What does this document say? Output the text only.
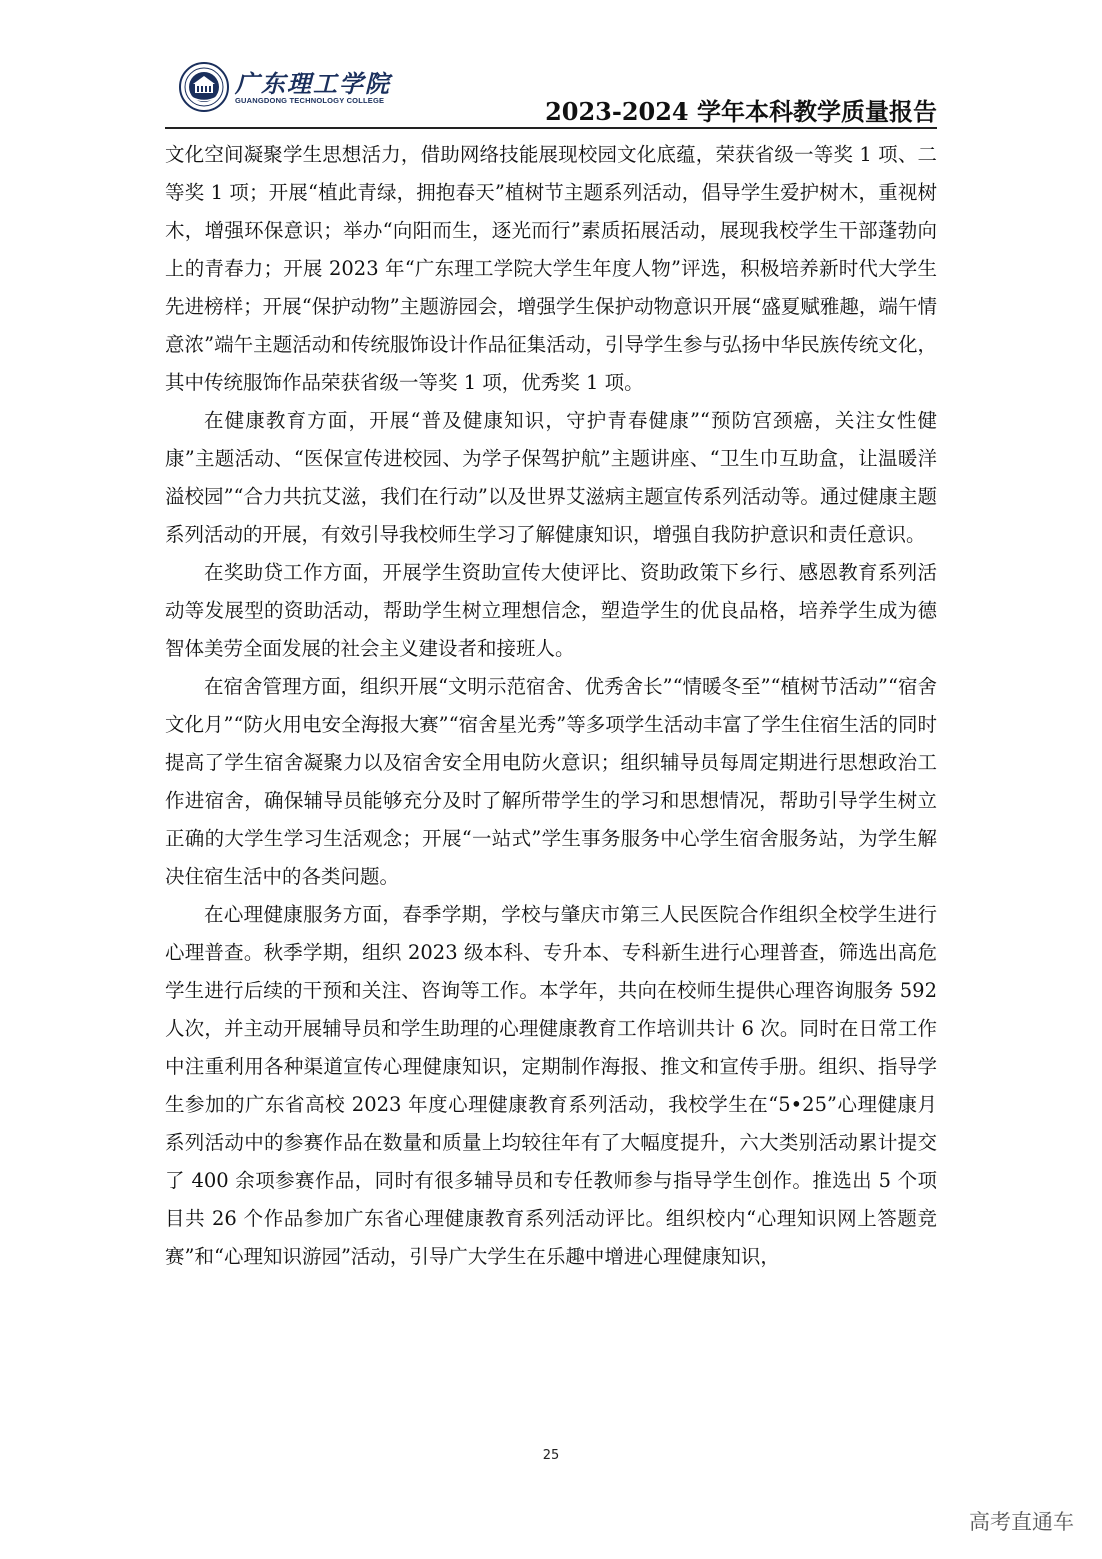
广东理工学院
GUANGDONG TECHNOLOGY COLLEGE	2023-2024 学年本科教学质量报告

文化空间凝聚学生思想活力，借助网络技能展现校园文化底蕴，荣获省级一等奖 1 项、二等奖 1 项；开展“植此青绿，拥抱春天”植树节主题系列活动，倡导学生爱护树木，重视树木，增强环保意识；举办“向阳而生，逐光而行”素质拓展活动，展现我校学生干部蓬勃向上的青春力；开展 2023 年“广东理工学院大学生年度人物”评选，积极培养新时代大学生先进榜样；开展“保护动物”主题游园会，增强学生保护动物意识开展“盛夏赋雅趣，端午情意浓”端午主题活动和传统服饰设计作品征集活动，引导学生参与弘扬中华民族传统文化，其中传统服饰作品荣获省级一等奖 1 项，优秀奖 1 项。

在健康教育方面，开展“普及健康知识，守护青春健康”“预防宫颈癌，关注女性健康”主题活动、“医保宣传进校园、为学子保驾护航”主题讲座、“卫生巾互助盒，让温暖洋溢校园”“合力共抗艾滋，我们在行动”以及世界艾滋病主题宣传系列活动等。通过健康主题系列活动的开展，有效引导我校师生学习了解健康知识，增强自我防护意识和责任意识。

在奖助贷工作方面，开展学生资助宣传大使评比、资助政策下乡行、感恩教育系列活动等发展型的资助活动，帮助学生树立理想信念，塑造学生的优良品格，培养学生成为德智体美劳全面发展的社会主义建设者和接班人。

在宿舍管理方面，组织开展“文明示范宿舍、优秀舍长”“情暖冬至”“植树节活动”“宿舍文化月”“防火用电安全海报大赛”“宿舍星光秀”等多项学生活动丰富了学生住宿生活的同时提高了学生宿舍凝聚力以及宿舍安全用电防火意识；组织辅导员每周定期进行思想政治工作进宿舍，确保辅导员能够充分及时了解所带学生的学习和思想情况，帮助引导学生树立正确的大学生学习生活观念；开展“一站式”学生事务服务中心学生宿舍服务站，为学生解决住宿生活中的各类问题。

在心理健康服务方面，春季学期，学校与肇庆市第三人民医院合作组织全校学生进行心理普查。秋季学期，组织 2023 级本科、专升本、专科新生进行心理普查，筛选出高危学生进行后续的干预和关注、咨询等工作。本学年，共向在校师生提供心理咨询服务 592 人次，并主动开展辅导员和学生助理的心理健康教育工作培训共计 6 次。同时在日常工作中注重利用各种渠道宣传心理健康知识，定期制作海报、推文和宣传手册。组织、指导学生参加的广东省高校 2023 年度心理健康教育系列活动，我校学生在“5•25”心理健康月系列活动中的参赛作品在数量和质量上均较往年有了大幅度提升，六大类别活动累计提交了 400 余项参赛作品，同时有很多辅导员和专任教师参与指导学生创作。推选出 5 个项目共 26 个作品参加广东省心理健康教育系列活动评比。组织校内“心理知识网上答题竞赛”和“心理知识游园”活动，引导广大学生在乐趣中增进心理健康知识，

25
高考直通车
